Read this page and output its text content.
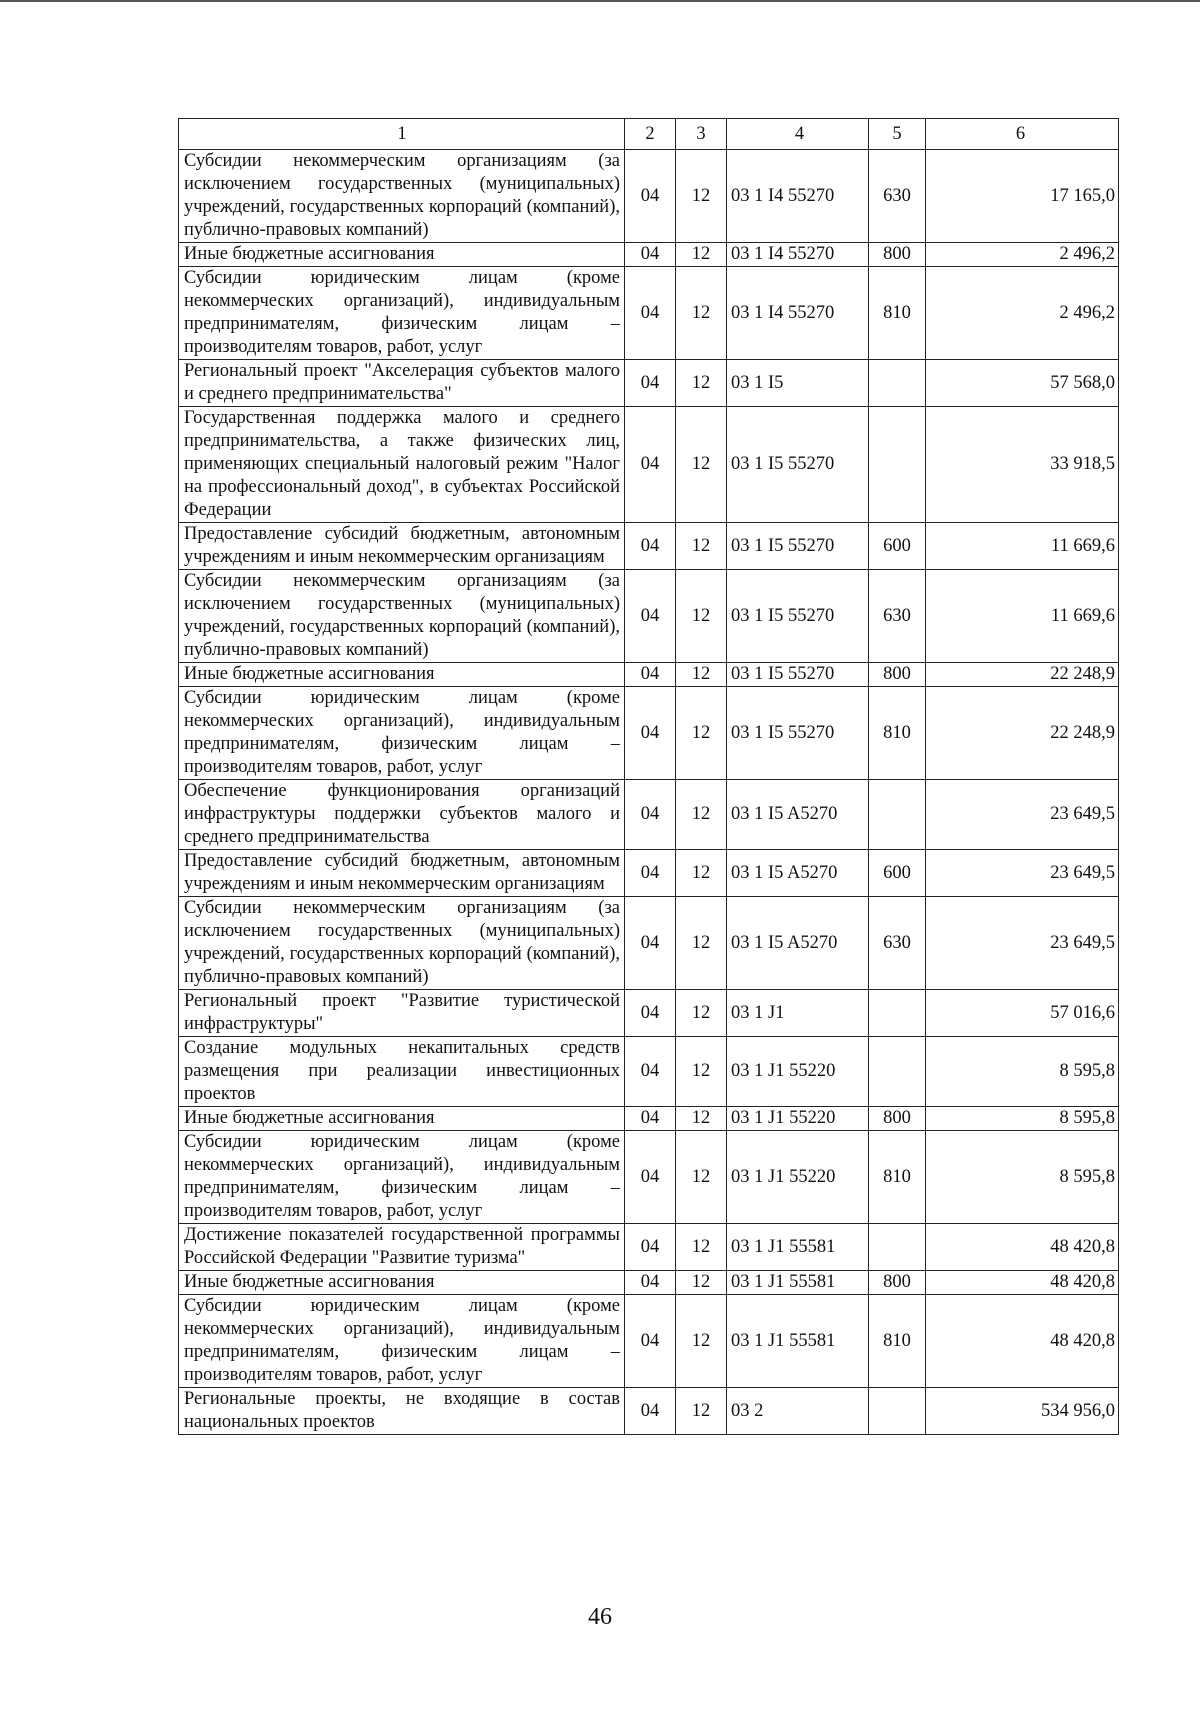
1	2	3	4	5	6
Субсидии некоммерческим организациям (за исключением государственных (муниципальных) учреждений, государственных корпораций (компаний), публично-правовых компаний)	04	12	03 1 I4 55270	630	17 165,0
Иные бюджетные ассигнования	04	12	03 1 I4 55270	800	2 496,2
Субсидии юридическим лицам (кроме некоммерческих организаций), индивидуальным предпринимателям, физическим лицам – производителям товаров, работ, услуг	04	12	03 1 I4 55270	810	2 496,2
Региональный проект "Акселерация субъектов малого и среднего предпринимательства"	04	12	03 1 I5		57 568,0
Государственная поддержка малого и среднего предпринимательства, а также физических лиц, применяющих специальный налоговый режим "Налог на профессиональный доход", в субъектах Российской Федерации	04	12	03 1 I5 55270		33 918,5
Предоставление субсидий бюджетным, автономным учреждениям и иным некоммерческим организациям	04	12	03 1 I5 55270	600	11 669,6
Субсидии некоммерческим организациям (за исключением государственных (муниципальных) учреждений, государственных корпораций (компаний), публично-правовых компаний)	04	12	03 1 I5 55270	630	11 669,6
Иные бюджетные ассигнования	04	12	03 1 I5 55270	800	22 248,9
Субсидии юридическим лицам (кроме некоммерческих организаций), индивидуальным предпринимателям, физическим лицам – производителям товаров, работ, услуг	04	12	03 1 I5 55270	810	22 248,9
Обеспечение функционирования организаций инфраструктуры поддержки субъектов малого и среднего предпринимательства	04	12	03 1 I5 A5270		23 649,5
Предоставление субсидий бюджетным, автономным учреждениям и иным некоммерческим организациям	04	12	03 1 I5 A5270	600	23 649,5
Субсидии некоммерческим организациям (за исключением государственных (муниципальных) учреждений, государственных корпораций (компаний), публично-правовых компаний)	04	12	03 1 I5 A5270	630	23 649,5
Региональный проект "Развитие туристической инфраструктуры"	04	12	03 1 J1		57 016,6
Создание модульных некапитальных средств размещения при реализации инвестиционных проектов	04	12	03 1 J1 55220		8 595,8
Иные бюджетные ассигнования	04	12	03 1 J1 55220	800	8 595,8
Субсидии юридическим лицам (кроме некоммерческих организаций), индивидуальным предпринимателям, физическим лицам – производителям товаров, работ, услуг	04	12	03 1 J1 55220	810	8 595,8
Достижение показателей государственной программы Российской Федерации "Развитие туризма"	04	12	03 1 J1 55581		48 420,8
Иные бюджетные ассигнования	04	12	03 1 J1 55581	800	48 420,8
Субсидии юридическим лицам (кроме некоммерческих организаций), индивидуальным предпринимателям, физическим лицам – производителям товаров, работ, услуг	04	12	03 1 J1 55581	810	48 420,8
Региональные проекты, не входящие в состав национальных проектов	04	12	03 2		534 956,0
46
